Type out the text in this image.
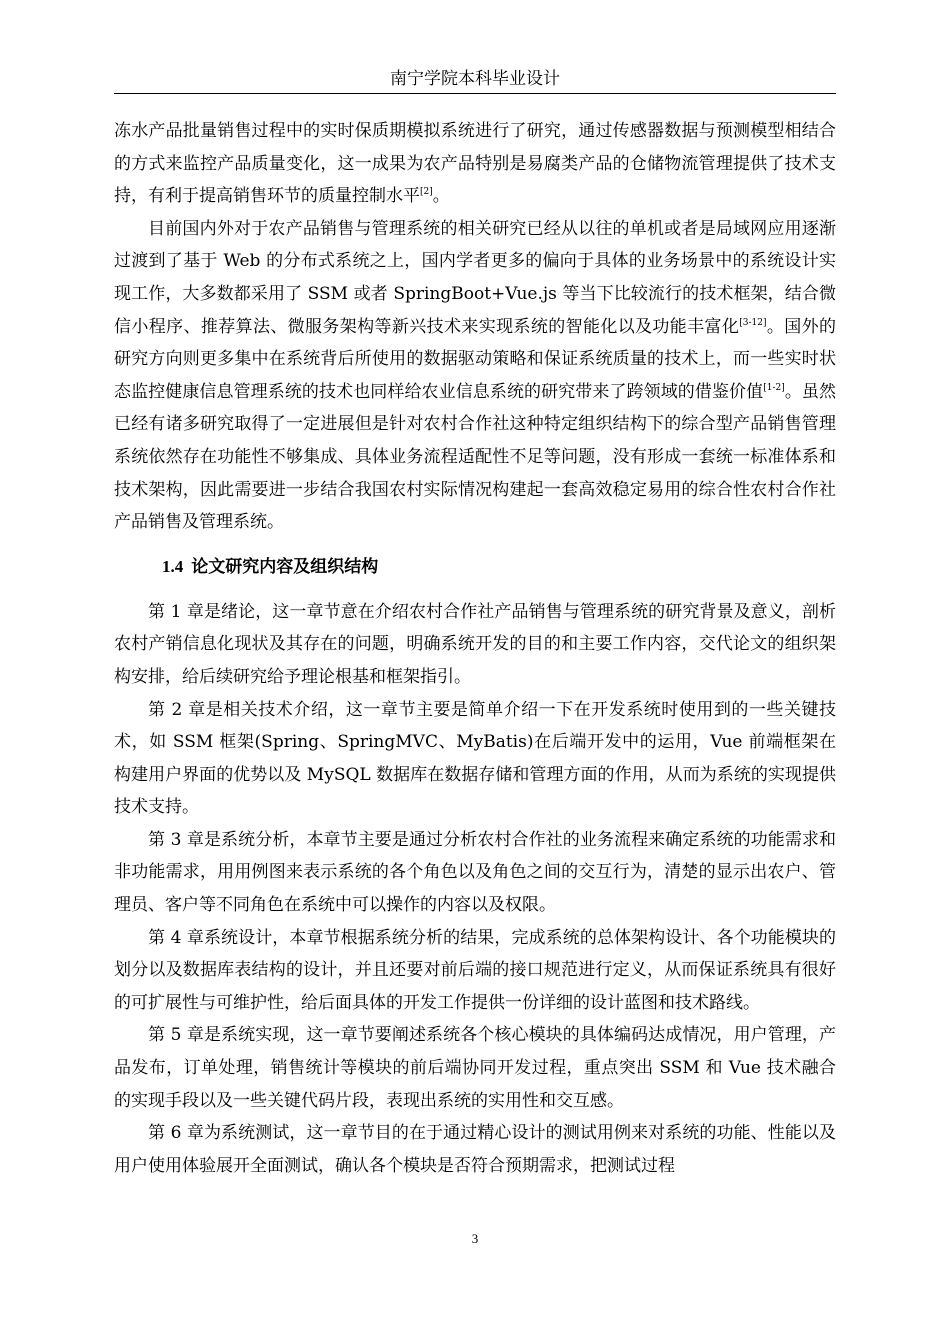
南宁学院本科毕业设计

冻水产品批量销售过程中的实时保质期模拟系统进行了研究，通过传感器数据与预测模型相结合的方式来监控产品质量变化，这一成果为农产品特别是易腐类产品的仓储物流管理提供了技术支持，有利于提高销售环节的质量控制水平[2]。

目前国内外对于农产品销售与管理系统的相关研究已经从以往的单机或者是局域网应用逐渐过渡到了基于 Web 的分布式系统之上，国内学者更多的偏向于具体的业务场景中的系统设计实现工作，大多数都采用了 SSM 或者 SpringBoot+Vue.js 等当下比较流行的技术框架，结合微信小程序、推荐算法、微服务架构等新兴技术来实现系统的智能化以及功能丰富化[3-12]。国外的研究方向则更多集中在系统背后所使用的数据驱动策略和保证系统质量的技术上，而一些实时状态监控健康信息管理系统的技术也同样给农业信息系统的研究带来了跨领域的借鉴价值[1-2]。虽然已经有诸多研究取得了一定进展但是针对农村合作社这种特定组织结构下的综合型产品销售管理系统依然存在功能性不够集成、具体业务流程适配性不足等问题，没有形成一套统一标准体系和技术架构，因此需要进一步结合我国农村实际情况构建起一套高效稳定易用的综合性农村合作社产品销售及管理系统。

1.4 论文研究内容及组织结构

第 1 章是绪论，这一章节意在介绍农村合作社产品销售与管理系统的研究背景及意义，剖析农村产销信息化现状及其存在的问题，明确系统开发的目的和主要工作内容，交代论文的组织架构安排，给后续研究给予理论根基和框架指引。

第 2 章是相关技术介绍，这一章节主要是简单介绍一下在开发系统时使用到的一些关键技术，如 SSM 框架(Spring、SpringMVC、MyBatis)在后端开发中的运用，Vue 前端框架在构建用户界面的优势以及 MySQL 数据库在数据存储和管理方面的作用，从而为系统的实现提供技术支持。

第 3 章是系统分析，本章节主要是通过分析农村合作社的业务流程来确定系统的功能需求和非功能需求，用用例图来表示系统的各个角色以及角色之间的交互行为，清楚的显示出农户、管理员、客户等不同角色在系统中可以操作的内容以及权限。

第 4 章系统设计，本章节根据系统分析的结果，完成系统的总体架构设计、各个功能模块的划分以及数据库表结构的设计，并且还要对前后端的接口规范进行定义，从而保证系统具有很好的可扩展性与可维护性，给后面具体的开发工作提供一份详细的设计蓝图和技术路线。

第 5 章是系统实现，这一章节要阐述系统各个核心模块的具体编码达成情况，用户管理，产品发布，订单处理，销售统计等模块的前后端协同开发过程，重点突出 SSM 和 Vue 技术融合的实现手段以及一些关键代码片段，表现出系统的实用性和交互感。

第 6 章为系统测试，这一章节目的在于通过精心设计的测试用例来对系统的功能、性能以及用户使用体验展开全面测试，确认各个模块是否符合预期需求，把测试过程

3
